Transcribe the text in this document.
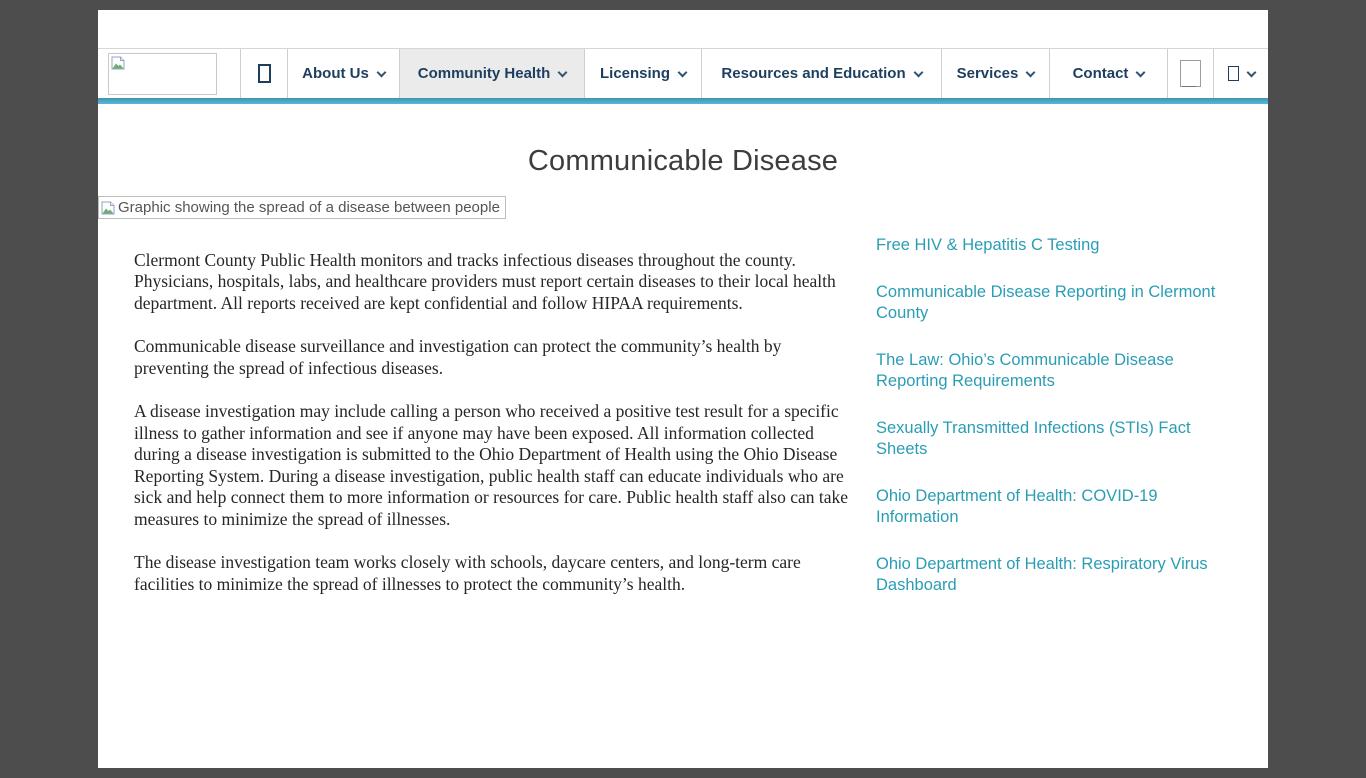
About Us	Community Health	Licensing	Resources and Education	Services	Contact
Communicable Disease
Graphic showing the spread of a disease between people

Clermont County Public Health monitors and tracks infectious diseases throughout the county. Physicians, hospitals, labs, and healthcare providers must report certain diseases to their local health department. All reports received are kept confidential and follow HIPAA requirements.

Communicable disease surveillance and investigation can protect the community’s health by preventing the spread of infectious diseases.

A disease investigation may include calling a person who received a positive test result for a specific illness to gather information and see if anyone may have been exposed. All information collected during a disease investigation is submitted to the Ohio Department of Health using the Ohio Disease Reporting System. During a disease investigation, public health staff can educate individuals who are sick and help connect them to more information or resources for care. Public health staff also can take measures to minimize the spread of illnesses.

The disease investigation team works closely with schools, daycare centers, and long-term care facilities to minimize the spread of illnesses to protect the community’s health.

Free HIV & Hepatitis C Testing
Communicable Disease Reporting in Clermont County
The Law: Ohio’s Communicable Disease Reporting Requirements
Sexually Transmitted Infections (STIs) Fact Sheets
Ohio Department of Health: COVID-19 Information
Ohio Department of Health: Respiratory Virus Dashboard
